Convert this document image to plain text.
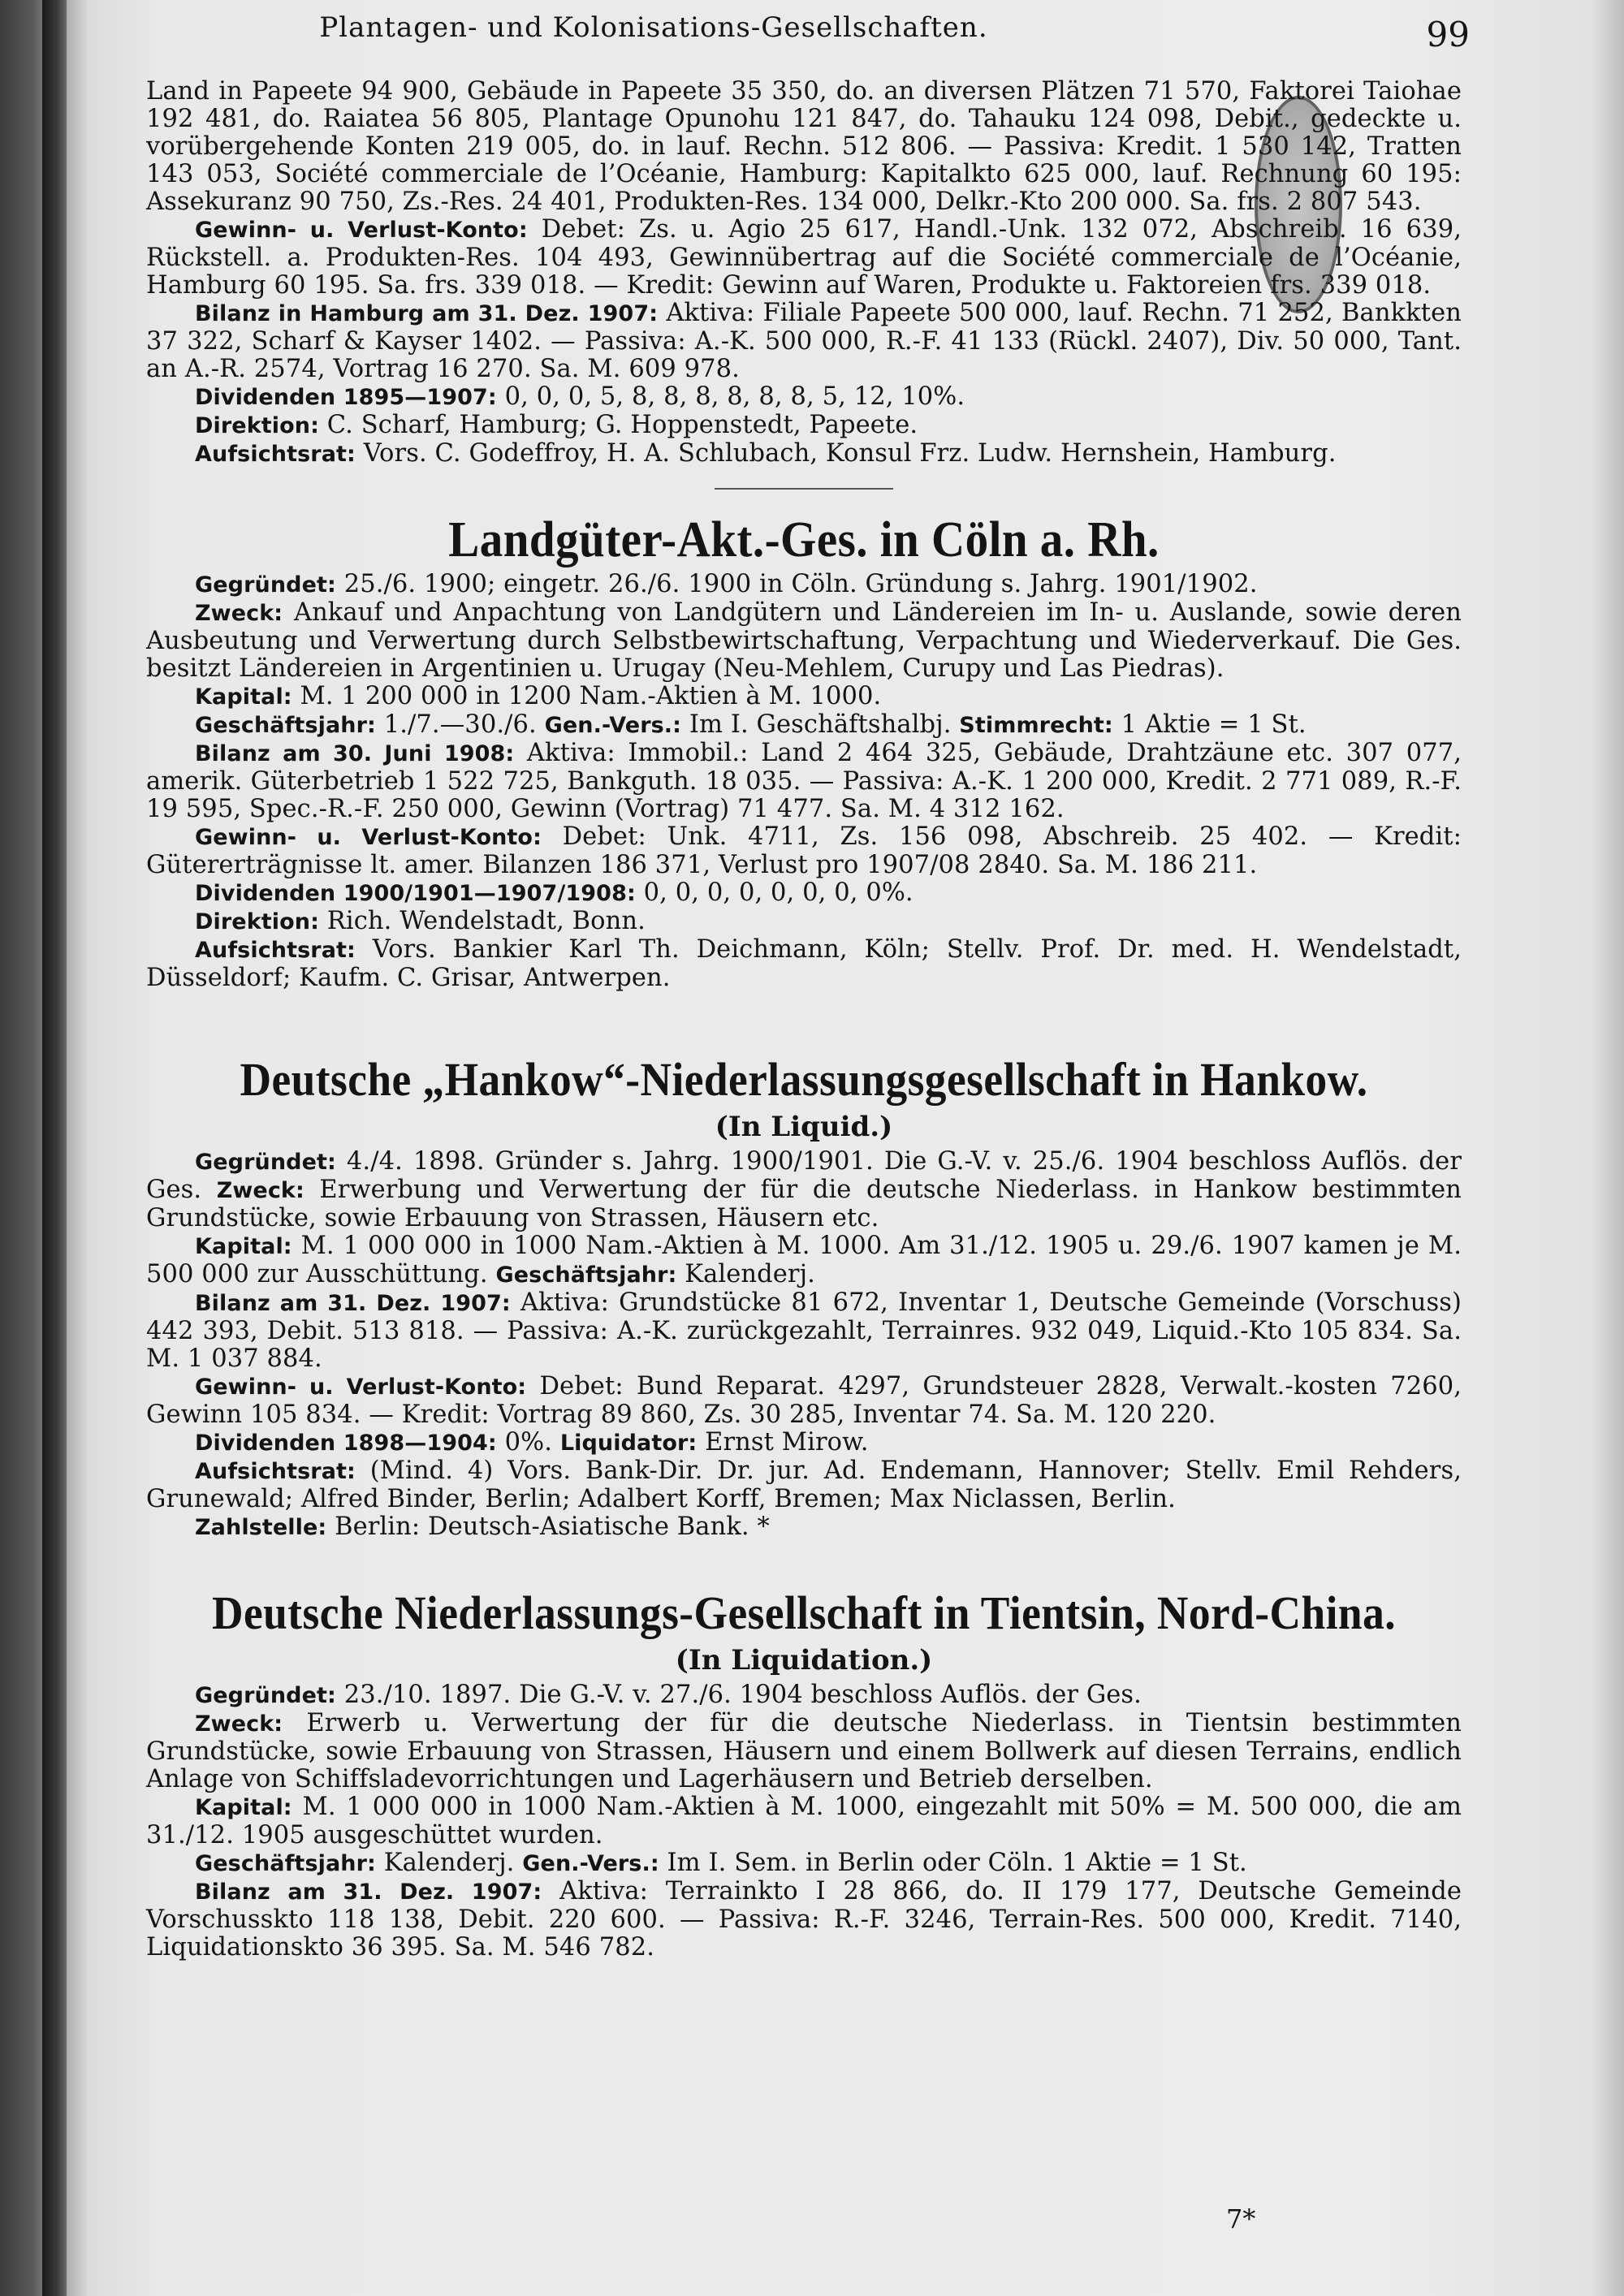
Plantagen- und Kolonisations-Gesellschaften.	99

Land in Papeete 94 900, Gebäude in Papeete 35 350, do. an diversen Plätzen 71 570, Faktorei Taiohae 192 481, do. Raiatea 56 805, Plantage Opunohu 121 847, do. Tahauku 124 098, Debit., gedeckte u. vorübergehende Konten 219 005, do. in lauf. Rechn. 512 806. — Passiva: Kredit. 1 530 142, Tratten 143 053, Société commerciale de l’Océanie, Hamburg: Kapitalkto 625 000, lauf. Rechnung 60 195: Assekuranz 90 750, Zs.-Res. 24 401, Produkten-Res. 134 000, Delkr.-Kto 200 000. Sa. frs. 2 807 543.

Gewinn- u. Verlust-Konto: Debet: Zs. u. Agio 25 617, Handl.-Unk. 132 072, Abschreib. 16 639, Rückstell. a. Produkten-Res. 104 493, Gewinnübertrag auf die Société commerciale de l’Océanie, Hamburg 60 195. Sa. frs. 339 018. — Kredit: Gewinn auf Waren, Produkte u. Faktoreien frs. 339 018.

Bilanz in Hamburg am 31. Dez. 1907: Aktiva: Filiale Papeete 500 000, lauf. Rechn. 71 252, Bankkten 37 322, Scharf & Kayser 1402. — Passiva: A.-K. 500 000, R.-F. 41 133 (Rückl. 2407), Div. 50 000, Tant. an A.-R. 2574, Vortrag 16 270. Sa. M. 609 978.

Dividenden 1895—1907: 0, 0, 0, 5, 8, 8, 8, 8, 8, 8, 5, 12, 10%.

Direktion: C. Scharf, Hamburg; G. Hoppenstedt, Papeete.

Aufsichtsrat: Vors. C. Godeffroy, H. A. Schlubach, Konsul Frz. Ludw. Hernshein, Hamburg.

Landgüter-Akt.-Ges. in Cöln a. Rh.

Gegründet: 25./6. 1900; eingetr. 26./6. 1900 in Cöln. Gründung s. Jahrg. 1901/1902.

Zweck: Ankauf und Anpachtung von Landgütern und Ländereien im In- u. Auslande, sowie deren Ausbeutung und Verwertung durch Selbstbewirtschaftung, Verpachtung und Wiederverkauf. Die Ges. besitzt Ländereien in Argentinien u. Urugay (Neu-Mehlem, Curupy und Las Piedras).

Kapital: M. 1 200 000 in 1200 Nam.-Aktien à M. 1000.

Geschäftsjahr: 1./7.—30./6. Gen.-Vers.: Im I. Geschäftshalbj. Stimmrecht: 1 Aktie = 1 St.

Bilanz am 30. Juni 1908: Aktiva: Immobil.: Land 2 464 325, Gebäude, Drahtzäune etc. 307 077, amerik. Güterbetrieb 1 522 725, Bankguth. 18 035. — Passiva: A.-K. 1 200 000, Kredit. 2 771 089, R.-F. 19 595, Spec.-R.-F. 250 000, Gewinn (Vortrag) 71 477. Sa. M. 4 312 162.

Gewinn- u. Verlust-Konto: Debet: Unk. 4711, Zs. 156 098, Abschreib. 25 402. — Kredit: Gütererträgnisse lt. amer. Bilanzen 186 371, Verlust pro 1907/08 2840. Sa. M. 186 211.

Dividenden 1900/1901—1907/1908: 0, 0, 0, 0, 0, 0, 0, 0%.

Direktion: Rich. Wendelstadt, Bonn.

Aufsichtsrat: Vors. Bankier Karl Th. Deichmann, Köln; Stellv. Prof. Dr. med. H. Wendelstadt, Düsseldorf; Kaufm. C. Grisar, Antwerpen.

Deutsche „Hankow“-Niederlassungsgesellschaft in Hankow.
(In Liquid.)

Gegründet: 4./4. 1898. Gründer s. Jahrg. 1900/1901. Die G.-V. v. 25./6. 1904 beschloss Auflös. der Ges. Zweck: Erwerbung und Verwertung der für die deutsche Niederlass. in Hankow bestimmten Grundstücke, sowie Erbauung von Strassen, Häusern etc.

Kapital: M. 1 000 000 in 1000 Nam.-Aktien à M. 1000. Am 31./12. 1905 u. 29./6. 1907 kamen je M. 500 000 zur Ausschüttung. Geschäftsjahr: Kalenderj.

Bilanz am 31. Dez. 1907: Aktiva: Grundstücke 81 672, Inventar 1, Deutsche Gemeinde (Vorschuss) 442 393, Debit. 513 818. — Passiva: A.-K. zurückgezahlt, Terrainres. 932 049, Liquid.-Kto 105 834. Sa. M. 1 037 884.

Gewinn- u. Verlust-Konto: Debet: Bund Reparat. 4297, Grundsteuer 2828, Verwalt.-kosten 7260, Gewinn 105 834. — Kredit: Vortrag 89 860, Zs. 30 285, Inventar 74. Sa. M. 120 220.

Dividenden 1898—1904: 0%. Liquidator: Ernst Mirow.

Aufsichtsrat: (Mind. 4) Vors. Bank-Dir. Dr. jur. Ad. Endemann, Hannover; Stellv. Emil Rehders, Grunewald; Alfred Binder, Berlin; Adalbert Korff, Bremen; Max Niclassen, Berlin.

Zahlstelle: Berlin: Deutsch-Asiatische Bank. *

Deutsche Niederlassungs-Gesellschaft in Tientsin, Nord-China.
(In Liquidation.)

Gegründet: 23./10. 1897. Die G.-V. v. 27./6. 1904 beschloss Auflös. der Ges.

Zweck: Erwerb u. Verwertung der für die deutsche Niederlass. in Tientsin bestimmten Grundstücke, sowie Erbauung von Strassen, Häusern und einem Bollwerk auf diesen Terrains, endlich Anlage von Schiffsladevorrichtungen und Lagerhäusern und Betrieb derselben.

Kapital: M. 1 000 000 in 1000 Nam.-Aktien à M. 1000, eingezahlt mit 50% = M. 500 000, die am 31./12. 1905 ausgeschüttet wurden.

Geschäftsjahr: Kalenderj. Gen.-Vers.: Im I. Sem. in Berlin oder Cöln. 1 Aktie = 1 St.

Bilanz am 31. Dez. 1907: Aktiva: Terrainkto I 28 866, do. II 179 177, Deutsche Gemeinde Vorschusskto 118 138, Debit. 220 600. — Passiva: R.-F. 3246, Terrain-Res. 500 000, Kredit. 7140, Liquidationskto 36 395. Sa. M. 546 782.

7*
